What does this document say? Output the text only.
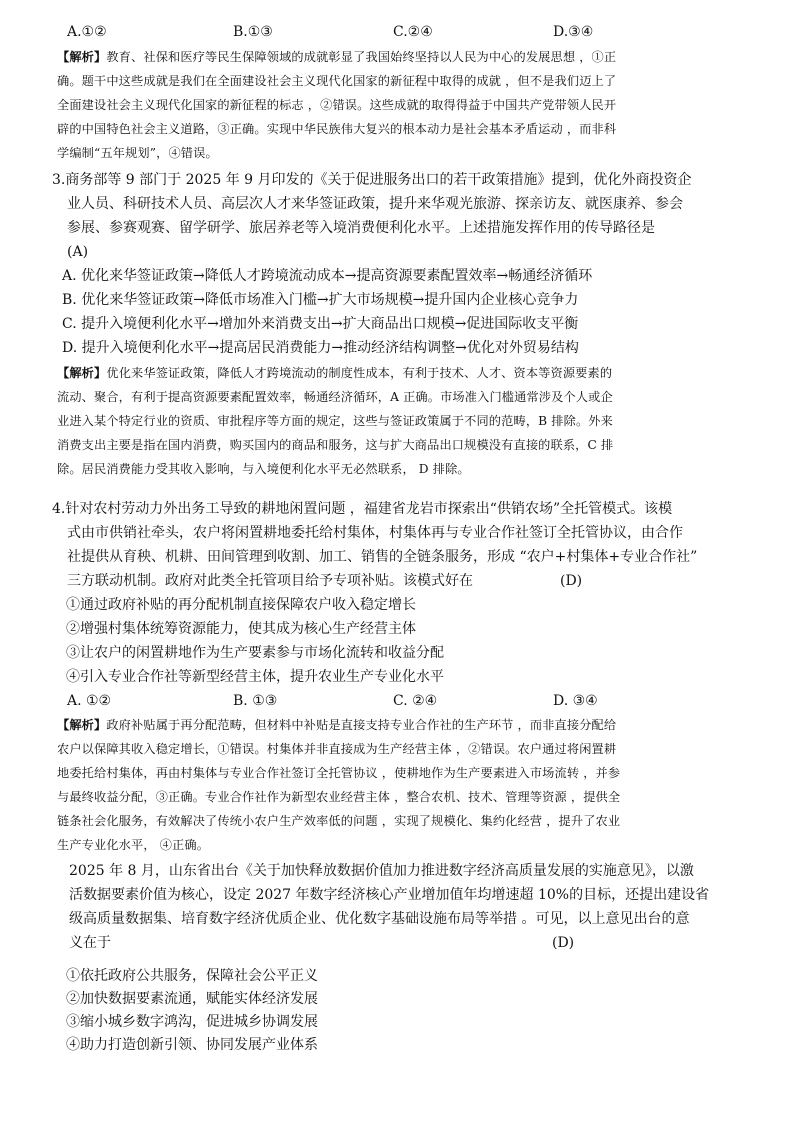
A.①②	B.①③	C.②④	D.③④
【解析】教育、社保和医疗等民生保障领域的成就彰显了我国始终坚持以人民为中心的发展思想 ，①正
确。题干中这些成就是我们在全面建设社会主义现代化国家的新征程中取得的成就 ，但不是我们迈上了
全面建设社会主义现代化国家的新征程的标志 ，②错误。这些成就的取得得益于中国共产党带领人民开
辟的中国特色社会主义道路，③正确。实现中华民族伟大复兴的根本动力是社会基本矛盾运动 ，而非科
学编制“五年规划”，④错误。
3.商务部等 9 部门于 2025 年 9 月印发的《关于促进服务出口的若干政策措施》提到，优化外商投资企
业人员、科研技术人员、高层次人才来华签证政策，提升来华观光旅游、探亲访友、就医康养、参会
参展、参赛观赛、留学研学、旅居养老等入境消费便利化水平。上述措施发挥作用的传导路径是
(A)
A. 优化来华签证政策→降低人才跨境流动成本→提高资源要素配置效率→畅通经济循环
B. 优化来华签证政策→降低市场准入门槛→扩大市场规模→提升国内企业核心竞争力
C. 提升入境便利化水平→增加外来消费支出→扩大商品出口规模→促进国际收支平衡
D. 提升入境便利化水平→提高居民消费能力→推动经济结构调整→优化对外贸易结构
【解析】优化来华签证政策，降低人才跨境流动的制度性成本，有利于技术、人才、资本等资源要素的
流动、聚合，有利于提高资源要素配置效率，畅通经济循环，A 正确。市场准入门槛通常涉及个人或企
业进入某个特定行业的资质、审批程序等方面的规定，这些与签证政策属于不同的范畴，B 排除。外来
消费支出主要是指在国内消费，购买国内的商品和服务，这与扩大商品出口规模没有直接的联系，C 排
除。居民消费能力受其收入影响，与入境便利化水平无必然联系， D 排除。
4.针对农村劳动力外出务工导致的耕地闲置问题 ，福建省龙岩市探索出“供销农场”全托管模式。该模
式由市供销社牵头，农户将闲置耕地委托给村集体，村集体再与专业合作社签订全托管协议，由合作
社提供从育秧、机耕、田间管理到收割、加工、销售的全链条服务，形成 “农户+村集体+专业合作社”
三方联动机制。政府对此类全托管项目给予专项补贴。该模式好在	(D)
①通过政府补贴的再分配机制直接保障农户收入稳定增长
②增强村集体统筹资源能力，使其成为核心生产经营主体
③让农户的闲置耕地作为生产要素参与市场化流转和收益分配
④引入专业合作社等新型经营主体，提升农业生产专业化水平
A. ①②	B. ①③	C. ②④	D. ③④
【解析】政府补贴属于再分配范畴，但材料中补贴是直接支持专业合作社的生产环节 ，而非直接分配给
农户以保障其收入稳定增长，①错误。村集体并非直接成为生产经营主体 ，②错误。农户通过将闲置耕
地委托给村集体，再由村集体与专业合作社签订全托管协议 ，使耕地作为生产要素进入市场流转 ，并参
与最终收益分配，③正确。专业合作社作为新型农业经营主体 ，整合农机、技术、管理等资源 ，提供全
链条社会化服务，有效解决了传统小农户生产效率低的问题 ，实现了规模化、集约化经营 ，提升了农业
生产专业化水平， ④正确。
2025 年 8 月，山东省出台《关于加快释放数据价值加力推进数字经济高质量发展的实施意见》，以激
活数据要素价值为核心，设定 2027 年数字经济核心产业增加值年均增速超 10%的目标，还提出建设省
级高质量数据集、培育数字经济优质企业、优化数字基础设施布局等举措 。可见，以上意见出台的意
义在于	(D)
①依托政府公共服务，保障社会公平正义
②加快数据要素流通，赋能实体经济发展
③缩小城乡数字鸿沟，促进城乡协调发展
④助力打造创新引领、协同发展产业体系
